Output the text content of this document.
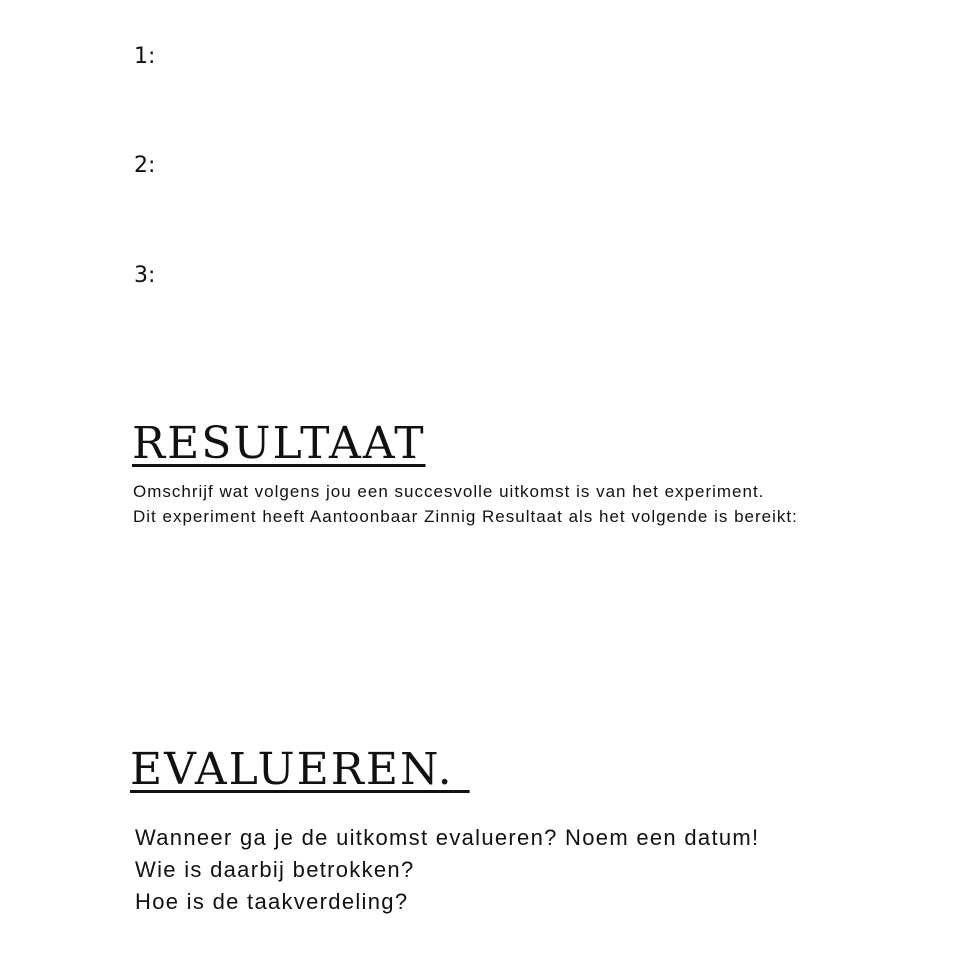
1:
2:
3:
RESULTAAT
Omschrijf wat volgens jou een succesvolle uitkomst is van het experiment.
Dit experiment heeft Aantoonbaar Zinnig Resultaat als het volgende is bereikt:
EVALUEREN.
Wanneer ga je de uitkomst evalueren? Noem een datum!
Wie is daarbij betrokken?
Hoe is de taakverdeling?
